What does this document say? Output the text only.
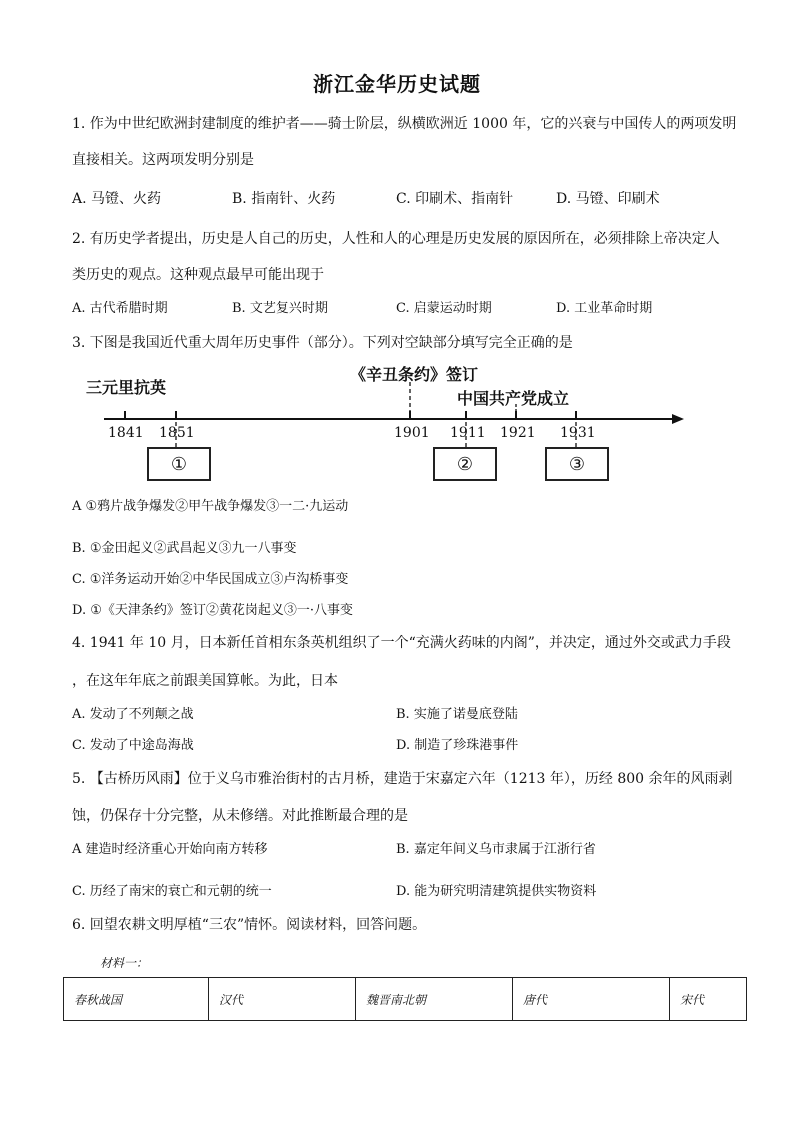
浙江金华历史试题
1. 作为中世纪欧洲封建制度的维护者——骑士阶层，纵横欧洲近 1000 年，它的兴衰与中国传人的两项发明
直接相关。这两项发明分别是
A. 马镫、火药	B. 指南针、火药	C. 印刷术、指南针	D. 马镫、印刷术
2. 有历史学者提出，历史是人自己的历史，人性和人的心理是历史发展的原因所在，必须排除上帝决定人
类历史的观点。这种观点最早可能出现于
A. 古代希腊时期	B. 文艺复兴时期	C. 启蒙运动时期	D. 工业革命时期
3. 下图是我国近代重大周年历史事件（部分）。下列对空缺部分填写完全正确的是
三元里抗英
《辛丑条约》签订
中国共产党成立
1841 1851	1901 1911 1921 1931
①	②	③
A ①鸦片战争爆发②甲午战争爆发③一二·九运动
B. ①金田起义②武昌起义③九一八事变
C. ①洋务运动开始②中华民国成立③卢沟桥事变
D. ①《天津条约》签订②黄花岗起义③一·八事变
4. 1941 年 10 月，日本新任首相东条英机组织了一个“充满火药味的内阁”，并决定，通过外交或武力手段
，在这年年底之前跟美国算帐。为此，日本
A. 发动了不列颠之战	B. 实施了诺曼底登陆
C. 发动了中途岛海战	D. 制造了珍珠港事件
5. 【古桥历风雨】位于义乌市雅治街村的古月桥，建造于宋嘉定六年（1213 年），历经 800 余年的风雨剥
蚀，仍保存十分完整，从未修缮。对此推断最合理的是
A 建造时经济重心开始向南方转移	B. 嘉定年间义乌市隶属于江浙行省
C. 历经了南宋的衰亡和元朝的统一	D. 能为研究明清建筑提供实物资料
6. 回望农耕文明厚植“三农”情怀。阅读材料，回答问题。
材料一：
春秋战国	汉代	魏晋南北朝	唐代	宋代
